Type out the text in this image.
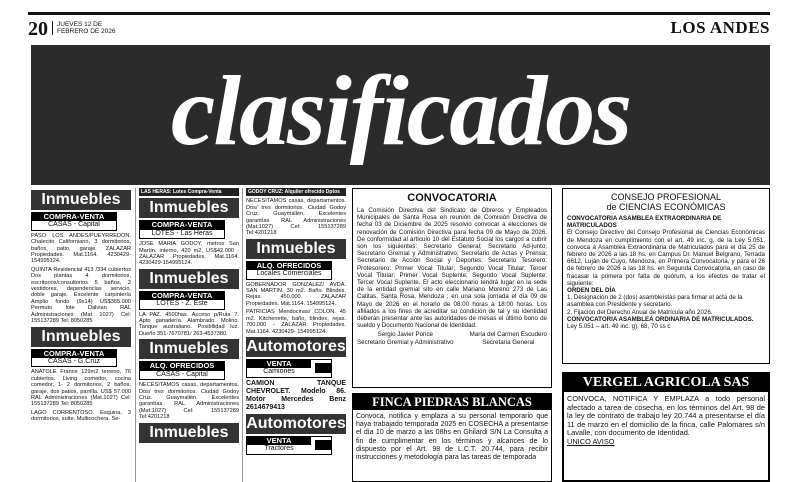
20 JUEVES 12 DE
FEBRERO DE 2026	LOS ANDES
clasificados
Inmuebles
COMPRA-VENTA
CASAS - Capital

PASO LOS ANDES/PUEYRREDON. Chalecito Californiano, 3 dormitorios, baños, patio, garaje. ZALAZAR Propiedades. Mat.1164. 4230429-154995124.

QUINTA Residencial 413 /334 cubiertos Dos plantas 4 dormitorios, escritorios/consultorios 5 baños, 2 vestidores, dependencias servicio, doble garaje. Excelente carpintería Amplio fondo (9x14) US$365.000 Permuto lote Dalvian RAL Administraciones (Mat 1027) Cel: 155137289 Tel: 8050285

Inmuebles
COMPRA-VENTA
CASAS - G.Cruz

ANATOLE France 129m2 terreno, 76 cubiertos. Living comedor, cocina comedor, 1- 2 dormitorios, 2 baños, garaje, dos patios, parrilla. US$ 57.000 RAL Administraciones (Mat.1027) Cel: 155137289 Tel: 8050285

LAGO CORRENTOSO. Esquina. 3 dormitorios, suite. Multicochera. Se-

LAS HERAS: Lotes Compra-Venta
Inmuebles
COMPRA-VENTA
LOTES - Las Heras

JOSE MARIA GODOY, metros San Martín, interno, 420 m2, US$42.000 - ZALAZAR Propiedades. Mat.1164. 4230429-154995124.

Inmuebles
COMPRA-VENTA
LOTES - Z. Este

LA PAZ. 4500has. Acceso p/Ruta 7. Apto ganadería. Alambrado. Molino. Tanque australiano. Posibilidad luz. Dueño 351-7670781/ 263-4537380.

Inmuebles
ALQ. OFRECIDOS
CASAS - Capital

NECESITAMOS casas, departamentos. Dos/ tres dormitorios. Ciudad Godoy Cruz. Guaymallén. Excelentes garantías RAL Administraciones (Mat.1027) Cel: 155137289 Tel:4201218

Inmuebles
GODOY CRUZ: Alquiler ofrecido Dptos

NECESITAMOS casas, departamentos. Dos/ tres dormitorios. Ciudad Godoy Cruz. Guaymallén. Excelentes garantías RAL Administraciones (Mat.1027) Cel: 155137289 Tel:4201218

Inmuebles
ALQ. OFRECIDOS
Locales Comerciales

GOBERNADOR GONZALEZ/ AVDA. SAN MARTIN. 30 m2. Baño. Blindex. Rejas. 450.000. ZALAZAR Propiedades. Mat.1164. 154995124.

PATRICIAS Mendocinas/ COLON. 45 m2. Kitchenette, baño, blindex, rejas. 700.000 - ZALAZAR Propiedades. Mat.1164. 4230429- 154995124.

Automotores
VENTA
Camiones

CAMION TANQUE CHEVROLET. Modelo 86. Motor Mercedes Benz 2614679413

Automotores
VENTA
Tractores
CONVOCATORIA

La Comisión Directiva del Sindicato de Obreros y Empleados Municipales de Santa Rosa en reunión de Comisión Directiva de fecha 03 de Diciembre de 2025 resolvió convocar a elecciones de renovación de Comisión Directiva para fecha 09 de Mayo de 2026. De conformidad al artículo 10 del Estatuto Social los cargos a cubrir son los siguientes: Secretario General; Secretario Ad-junto; Secretario Gremial y Administrativo; Secretario de Actas y Prensa; Secretario de Acción Social y Deportes; Secretario Tesorero; Protesorero: Primer Vocal Titular; Segundo Vocal Titular; Tercer Vocal Titular; Primer Vocal Suplente; Segundo Vocal Suplente; Tercer Vocal Suplente. El acto eleccionario tendrá lugar en la sede de la entidad gremial sito en calle Mariano Moreno 273 de Las Catitas, Santa Rosa, Mendoza ; en una sola jornada el día 09 de Mayo de 2026 en el horario de 08:00 horas a 18:00 horas. Los afiliados a los fines de acreditar su condición de tal y su identidad deberán presentar ante las autoridades de mesas el último bono de sueldo y Documento Nacional de Identidad.

Sergio Javier Ponce
Secretario Gremial y Administrativo
María del Carmen Escudero
Secretaria General
FINCA PIEDRAS BLANCAS

Convoca, notifica y emplaza a su personal temporario que haya trabajado temporada 2025 en COSECHA a presentarse el día 10 de marzo a las 08hs en Ghilardi S/N La Consulta a fin de cumplimentar en los términos y alcances de lo dispuesto por el Art. 98 de L.C.T. 20.744, para recibir instrucciones y metodología para las tareas de temporada

CONSEJO PROFESIONAL
de CIENCIAS ECONÓMICAS
CONVOCATORIA ASAMBLEA EXTRAORDINARIA DE MATRICULADOS

El Consejo Directivo del Consejo Profesional de Ciencias Económicas de Mendoza en cumplimiento con el art. 49 inc. g, de la Ley 5.051, convoca a Asamblea Extraordinaria de Matriculados para el día 25 de febrero de 2026 a las 18 hs. en Campus Dr. Manuel Belgrano, Terrada 6612, Luján de Cuyo, Mendoza, en Primera Convocatoria, y para el 26 de febrero de 2026 a las 18 hs. en Segunda Convocatoria, en caso de fracasar la primera por falta de quórum, a los efectos de tratar el siguiente:

ORDEN DEL DÍA

1. Designación de 2 (dos) asambleístas para firmar el acta de la asamblea con Presidente y secretario.

2. Fijación del Derecho Anual de Matrícula año 2026.

CONVOCATORIA ASAMBLEA ORDINARIA DE MATRICULADOS.

Ley 5.051 – art. 49 inc. g), 68, 70 ss c

VERGEL AGRICOLA SAS

CONVOCA, NOTIFICA Y EMPLAZA a todo personal afectado a tarea de cosecha, en los términos del Art. 98 de la ley de contrato de trabajo ley 20.744 a presentarse el día 11 de marzo en el domicilio de la finca, calle Palomares s/n Lavalle, con documento de Identidad.

UNICO AVISO
